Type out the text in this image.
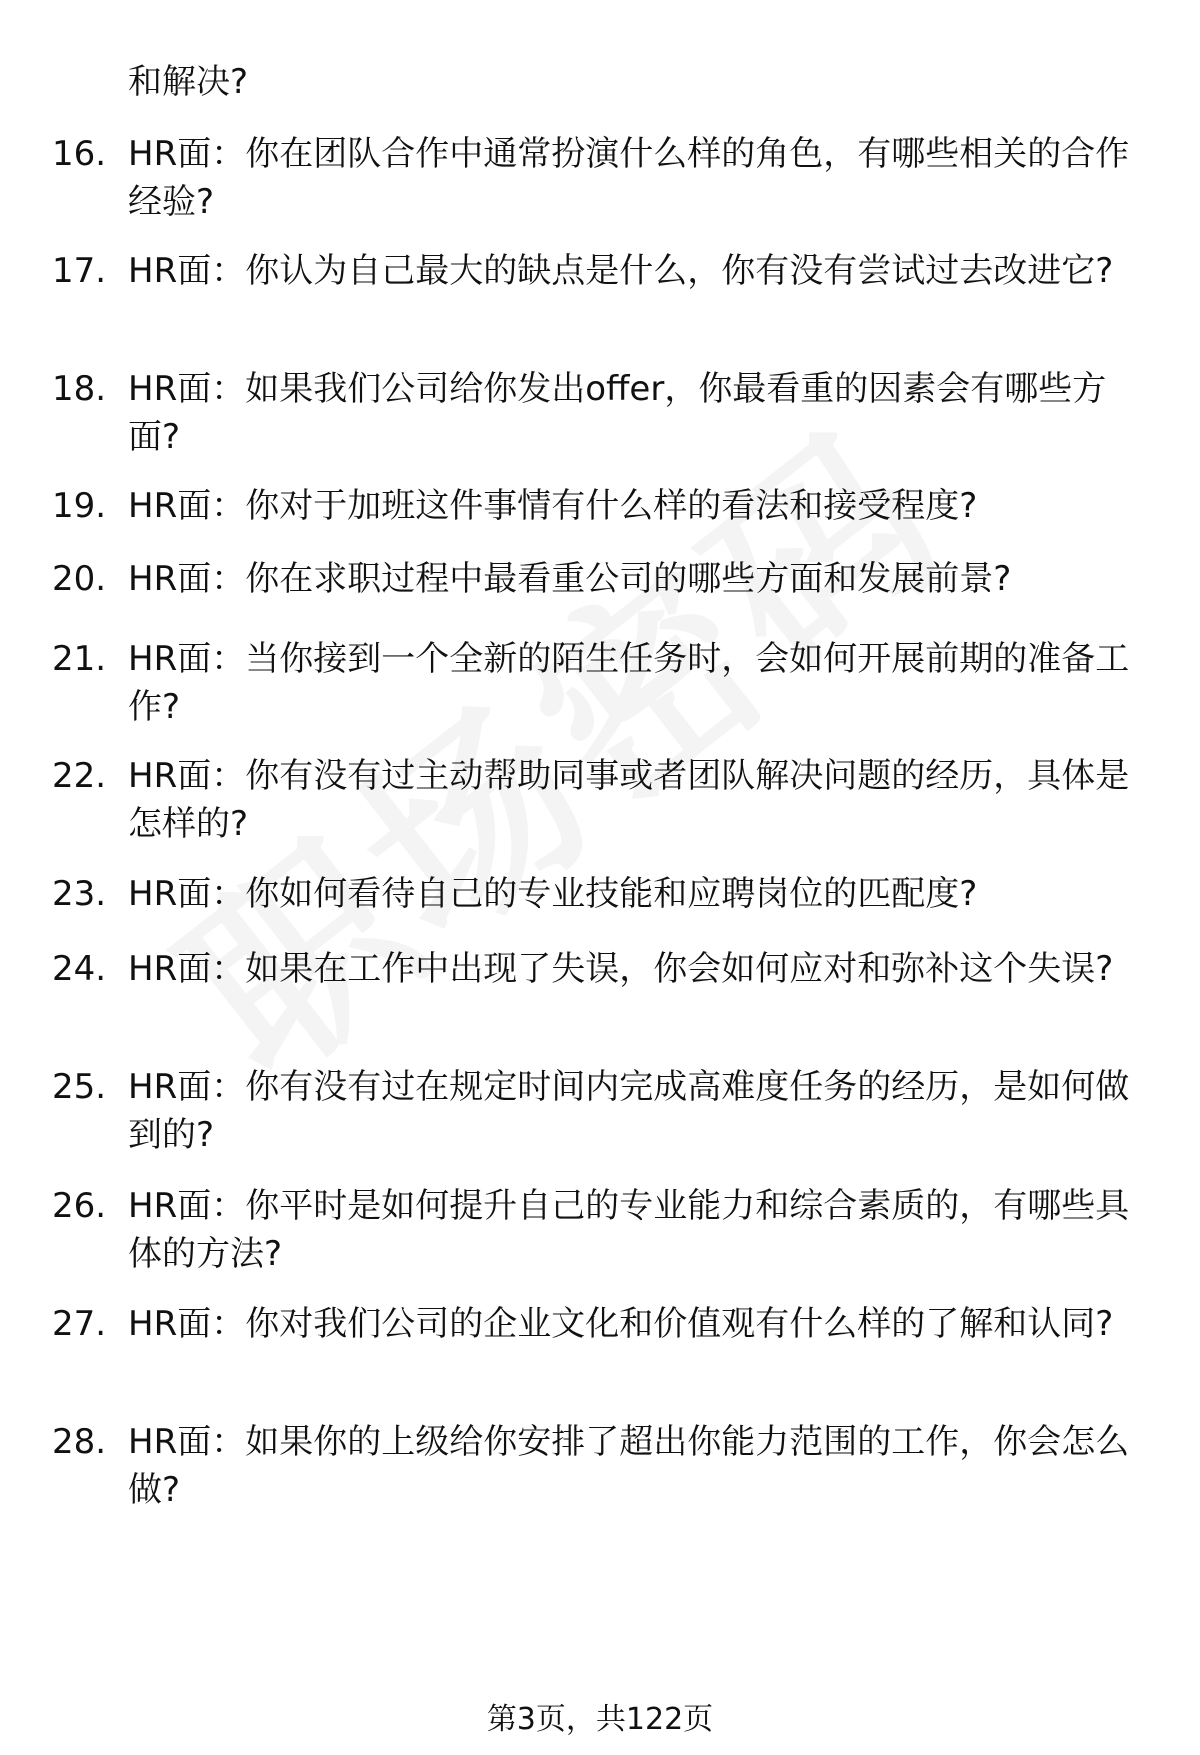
和解决?

16. HR面：你在团队合作中通常扮演什么样的角色，有哪些相关的合作经验?
17. HR面：你认为自己最大的缺点是什么，你有没有尝试过去改进它?
18. HR面：如果我们公司给你发出offer，你最看重的因素会有哪些方面?
19. HR面：你对于加班这件事情有什么样的看法和接受程度?
20. HR面：你在求职过程中最看重公司的哪些方面和发展前景?
21. HR面：当你接到一个全新的陌生任务时，会如何开展前期的准备工作?
22. HR面：你有没有过主动帮助同事或者团队解决问题的经历，具体是怎样的?
23. HR面：你如何看待自己的专业技能和应聘岗位的匹配度?
24. HR面：如果在工作中出现了失误，你会如何应对和弥补这个失误?
25. HR面：你有没有过在规定时间内完成高难度任务的经历，是如何做到的?
26. HR面：你平时是如何提升自己的专业能力和综合素质的，有哪些具体的方法?
27. HR面：你对我们公司的企业文化和价值观有什么样的了解和认同?
28. HR面：如果你的上级给你安排了超出你能力范围的工作，你会怎么做?
第3页，共122页
